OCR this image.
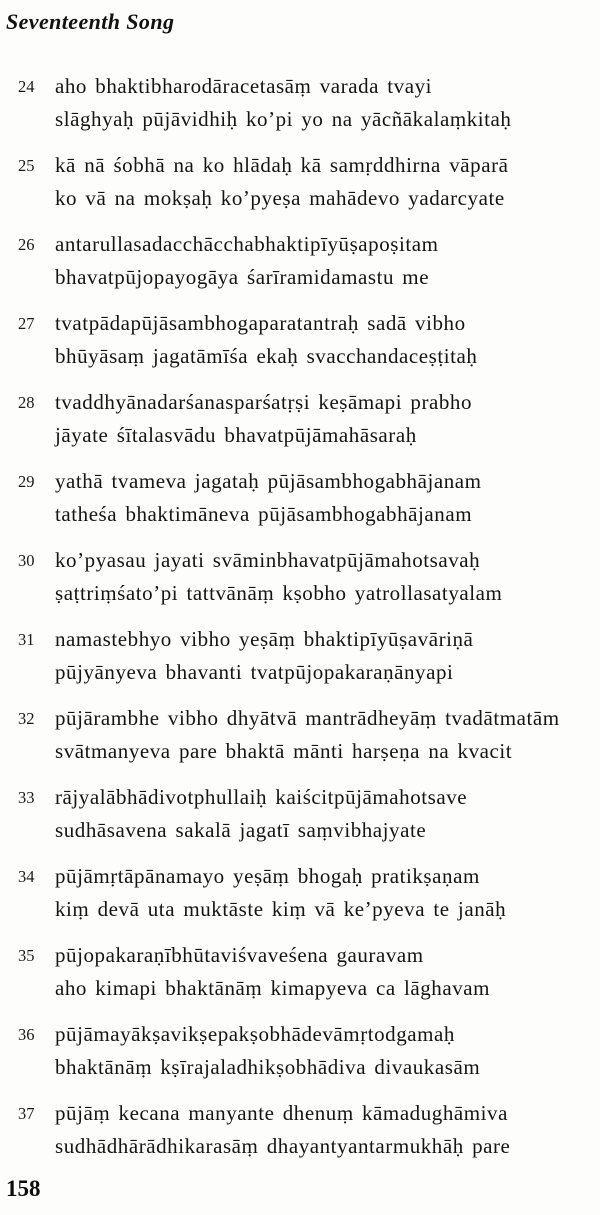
Seventeenth Song
24 aho bhaktibharodāracetasāṃ varada tvayi
slāghyaḥ pūjāvidhiḥ ko’pi yo na yācñākalaṃkitaḥ
25 kā nā śobhā na ko hlādaḥ kā samṛddhirna vāparā
ko vā na mokṣaḥ ko’pyeṣa mahādevo yadarcyate
26 antarullasadacchācchabhaktipīyūṣapoṣitam
bhavatpūjopayogāya śarīramidamastu me
27 tvatpādapūjāsambhogaparatantraḥ sadā vibho
bhūyāsaṃ jagatāmīśa ekaḥ svacchandaceṣṭitaḥ
28 tvaddhyānadarśanasparśatṛṣi keṣāmapi prabho
jāyate śītalasvādu bhavatpūjāmahāsaraḥ
29 yathā tvameva jagataḥ pūjāsambhogabhājanam
tatheśa bhaktimāneva pūjāsambhogabhājanam
30 ko’pyasau jayati svāminbhavatpūjāmahotsavaḥ
ṣaṭtriṃśato’pi tattvānāṃ kṣobho yatrollasatyalam
31 namastebhyo vibho yeṣāṃ bhaktipīyūṣavāriṇā
pūjyānyeva bhavanti tvatpūjopakaraṇānyapi
32 pūjārambhe vibho dhyātvā mantrādheyāṃ tvadātmatām
svātmanyeva pare bhaktā mānti harṣeṇa na kvacit
33 rājyalābhādivotphullaiḥ kaiścitpūjāmahotsave
sudhāsavena sakalā jagatī saṃvibhajyate
34 pūjāmṛtāpānamayo yeṣāṃ bhogaḥ pratikṣaṇam
kiṃ devā uta muktāste kiṃ vā ke’pyeva te janāḥ
35 pūjopakaraṇībhūtaviśvaveśena gauravam
aho kimapi bhaktānāṃ kimapyeva ca lāghavam
36 pūjāmayākṣavikṣepakṣobhādevāmṛtodgamaḥ
bhaktānāṃ kṣīrajaladhikṣobhādiva divaukasām
37 pūjāṃ kecana manyante dhenuṃ kāmadughāmiva
sudhādhārādhikarasāṃ dhayantyantarmukhāḥ pare
158
